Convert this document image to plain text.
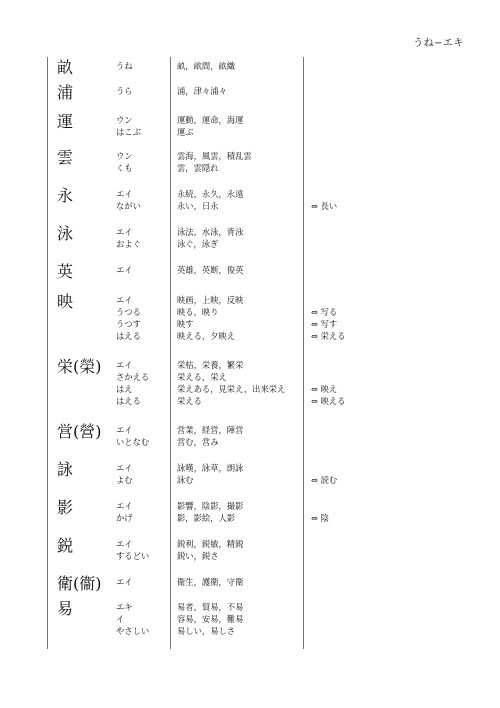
うね−エキ
畝	うね	畝，畝間，畝織
浦	うら	浦，津々浦々
運	ウン	運動，運命，海運
はこぶ	運ぶ
雲	ウン	雲海，風雲，積乱雲
くも	雲，雲隠れ
永	エイ	永続，永久，永遠
ながい	永い，日永	⇔ 長い
泳	エイ	泳法，水泳，背泳
およぐ	泳ぐ，泳ぎ
英	エイ	英雄，英断，俊英
映	エイ	映画，上映，反映
うつる	映る，映り	⇔ 写る
うつす	映す	⇔ 写す
はえる	映える，夕映え	⇔ 栄える
栄(榮) エイ	栄枯，栄養，繁栄
さかえる	栄える，栄え
はえ	栄えある，見栄え，出来栄え	⇔ 映え
はえる	栄える	⇔ 映える
営(營) エイ	営業，経営，陣営
いとなむ	営む，営み
詠	エイ	詠嘆，詠草，朗詠
よむ	詠む	⇔ 読む
影	エイ	影響，陰影，撮影
かげ	影，影絵，人影	⇔ 陰
鋭	エイ	鋭利，鋭敏，精鋭
するどい	鋭い，鋭さ
衛(衞) エイ	衛生，護衛，守衛
易	エキ	易者，貿易，不易
イ	容易，安易，難易
やさしい	易しい，易しさ
